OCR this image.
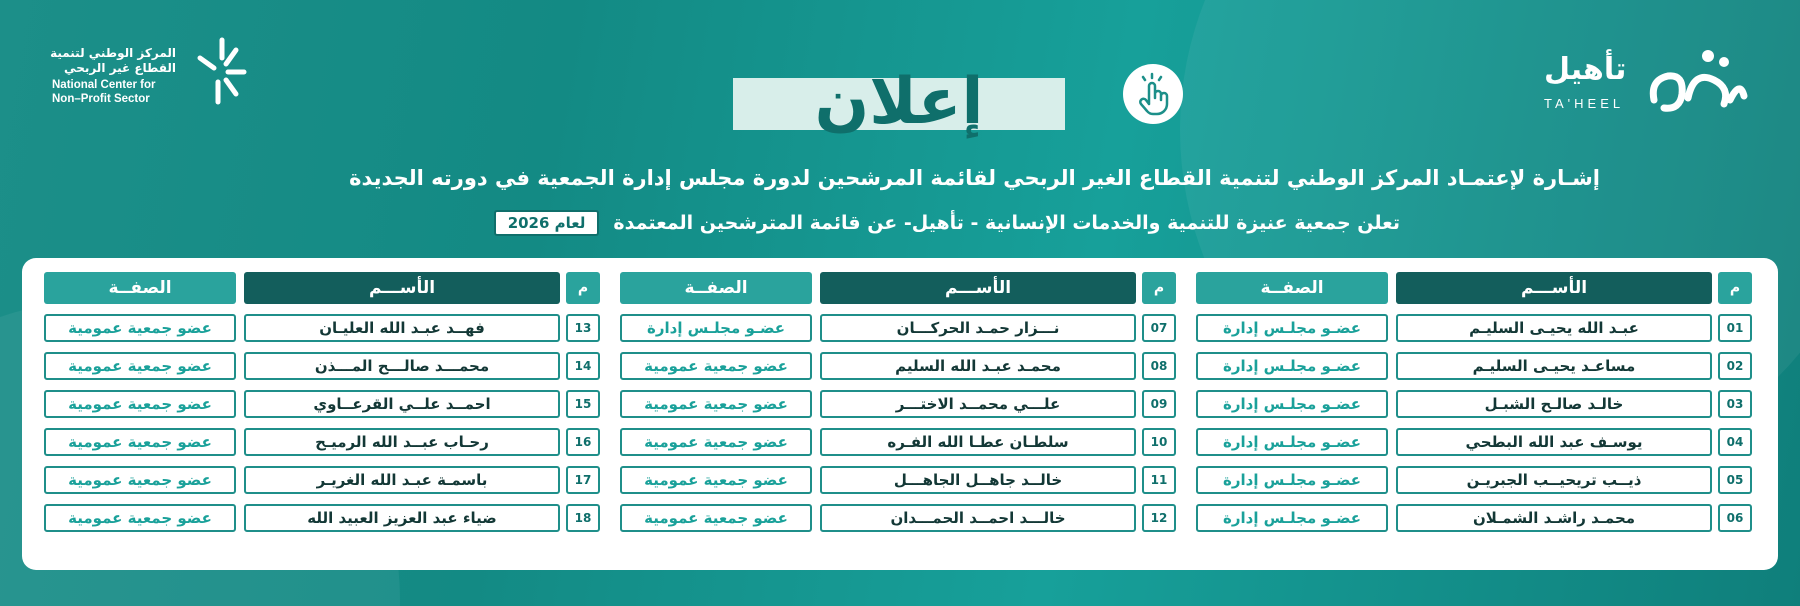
المركز الوطني لتنمية
القطاع غير الربحي
National Center for
Non–Profit Sector	إعلان	تأهيل
TA'HEEL
إشـارة لإعتمـاد المركز الوطني لتنمية القطاع الغير الربحي لقائمة المرشحين لدورة مجلس إدارة الجمعية في دورته الجديدة
تعلن جمعية عنيزة للتنمية والخدمات الإنسانية - تأهيل- عن قائمة المترشحين المعتمدة
لعام 2026
م
الأســـم
الصفــة
01
عبـد الله يحيـى السليـم
عضـو مجلـس إدارة
02
مساعـد يحيـى السليـم
عضـو مجلـس إدارة
03
خالـد صالـح الشبـل
عضـو مجلـس إدارة
04
يوسـف عبد الله البطحي
عضـو مجلـس إدارة
05
ذيــب تريحيــب الجبريـن
عضـو مجلـس إدارة
06
محمـد راشـد الشمـلان
عضـو مجلـس إدارة
م
الأســـم
الصفــة
07
نـــزار حمـد الحركـــان
عضـو مجلـس إدارة
08
محمـد عبـد الله السليم
عضو جمعية عمومية
09
علـــي محمــد الاختـــر
عضو جمعية عمومية
10
سلطـان عطـا الله الفـره
عضو جمعية عمومية
11
خالــد جاهــل الجاهـــل
عضو جمعية عمومية
12
خالـــد احمــد الحمـــدان
عضو جمعية عمومية
م
الأســـم
الصفــة
13
فهــد عبـد الله العليـان
عضو جمعية عمومية
14
محمـــد صالـــح المـــذن
عضو جمعية عمومية
15
احمــد علــي القرعــاوي
عضو جمعية عمومية
16
رحـاب عبــد الله الرميـح
عضو جمعية عمومية
17
باسمـة عبـد الله الغريـر
عضو جمعية عمومية
18
ضياء عبد العزيز العبيد الله
عضو جمعية عمومية
